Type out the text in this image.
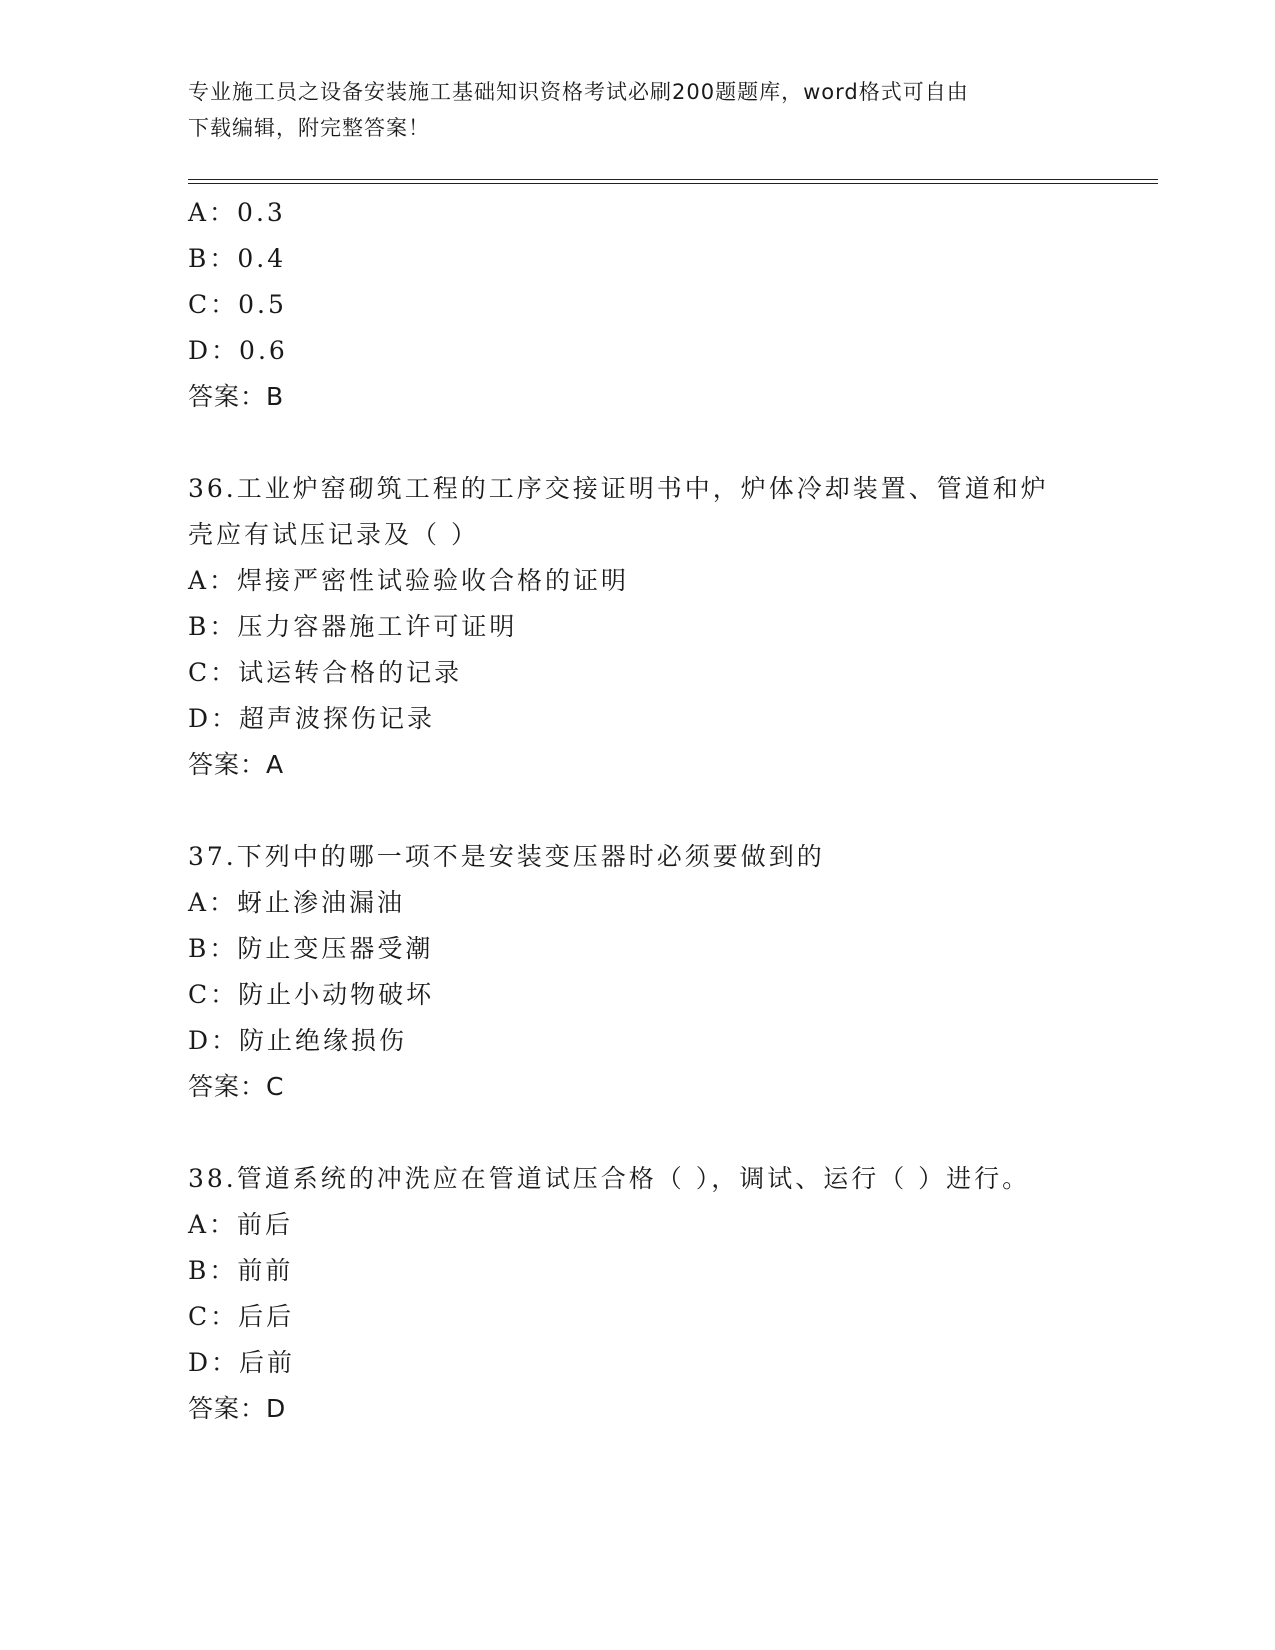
专业施工员之设备安装施工基础知识资格考试必刷200题题库，word格式可自由
下载编辑，附完整答案！
A：0.3
B：0.4
C：0.5
D：0.6
答案：B
36.工业炉窑砌筑工程的工序交接证明书中，炉体冷却装置、管道和炉
壳应有试压记录及（ ）
A：焊接严密性试验验收合格的证明
B：压力容器施工许可证明
C：试运转合格的记录
D：超声波探伤记录
答案：A
37.下列中的哪一项不是安装变压器时必须要做到的
A：蚜止渗油漏油
B：防止变压器受潮
C：防止小动物破坏
D：防止绝缘损伤
答案：C
38.管道系统的冲洗应在管道试压合格（ ），调试、运行（ ）进行。
A：前后
B：前前
C：后后
D：后前
答案：D
